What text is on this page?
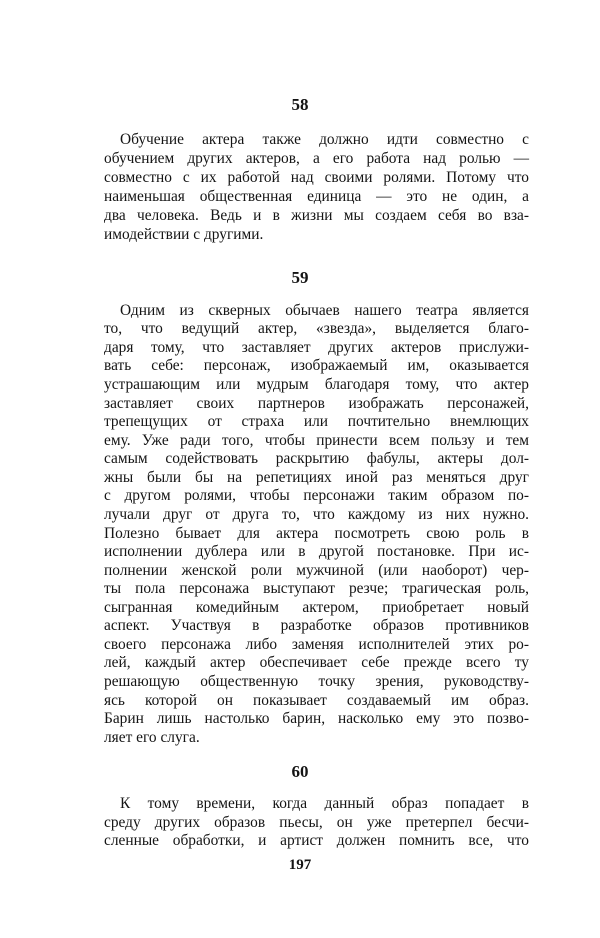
58
Обучение актера также должно идти совместно с
обучением других актеров, а его работа над ролью —
совместно с их работой над своими ролями. Потому что
наименьшая общественная единица — это не один, а
два человека. Ведь и в жизни мы создаем себя во вза-
имодействии с другими.
59
Одним из скверных обычаев нашего театра является
то, что ведущий актер, «звезда», выделяется благо-
даря тому, что заставляет других актеров прислужи-
вать себе: персонаж, изображаемый им, оказывается
устрашающим или мудрым благодаря тому, что актер
заставляет своих партнеров изображать персонажей,
трепещущих от страха или почтительно внемлющих
ему. Уже ради того, чтобы принести всем пользу и тем
самым содействовать раскрытию фабулы, актеры дол-
жны были бы на репетициях иной раз меняться друг
с другом ролями, чтобы персонажи таким образом по-
лучали друг от друга то, что каждому из них нужно.
Полезно бывает для актера посмотреть свою роль в
исполнении дублера или в другой постановке. При ис-
полнении женской роли мужчиной (или наоборот) чер-
ты пола персонажа выступают резче; трагическая роль,
сыгранная комедийным актером, приобретает новый
аспект. Участвуя в разработке образов противников
своего персонажа либо заменяя исполнителей этих ро-
лей, каждый актер обеспечивает себе прежде всего ту
решающую общественную точку зрения, руководству-
ясь которой он показывает создаваемый им образ.
Барин лишь настолько барин, насколько ему это позво-
ляет его слуга.
60
К тому времени, когда данный образ попадает в
среду других образов пьесы, он уже претерпел бесчи-
сленные обработки, и артист должен помнить все, что
197
